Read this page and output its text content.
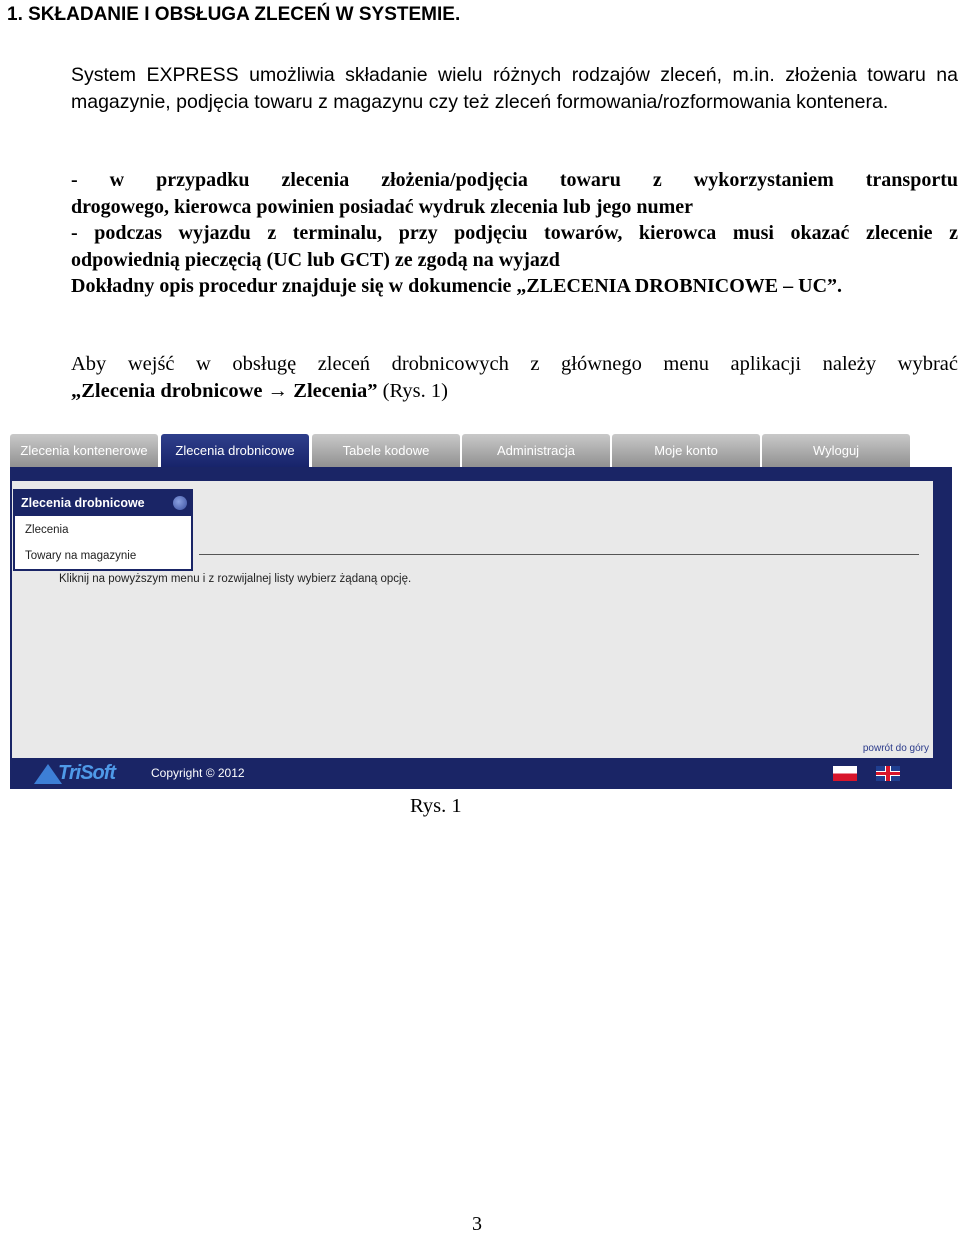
1. SKŁADANIE I OBSŁUGA ZLECEŃ W SYSTEMIE.
System EXPRESS umożliwia składanie wielu różnych rodzajów zleceń, m.in. złożenia towaru na magazynie, podjęcia towaru z magazynu czy też zleceń formowania/rozformowania kontenera.
- w przypadku zlecenia złożenia/podjęcia towaru z wykorzystaniem transportu
drogowego, kierowca powinien posiadać wydruk zlecenia lub jego numer
- podczas wyjazdu z terminalu, przy podjęciu towarów, kierowca musi okazać zlecenie z
odpowiednią pieczęcią (UC lub GCT) ze zgodą na wyjazd
Dokładny opis procedur znajduje się w dokumencie „ZLECENIA DROBNICOWE – UC”.
Aby wejść w obsługę zleceń drobnicowych z głównego menu aplikacji należy wybrać
„Zlecenia drobnicowe → Zlecenia” (Rys. 1)
Zlecenia kontenerowe	Zlecenia drobnicowe	Tabele kodowe	Administracja	Moje konto	Wyloguj
Zlecenia drobnicowe
Zlecenia
Towary na magazynie
Kliknij na powyższym menu i z rozwijalnej listy wybierz żądaną opcję.
powrót do góry
TriSoft	Copyright © 2012
Rys. 1
3
